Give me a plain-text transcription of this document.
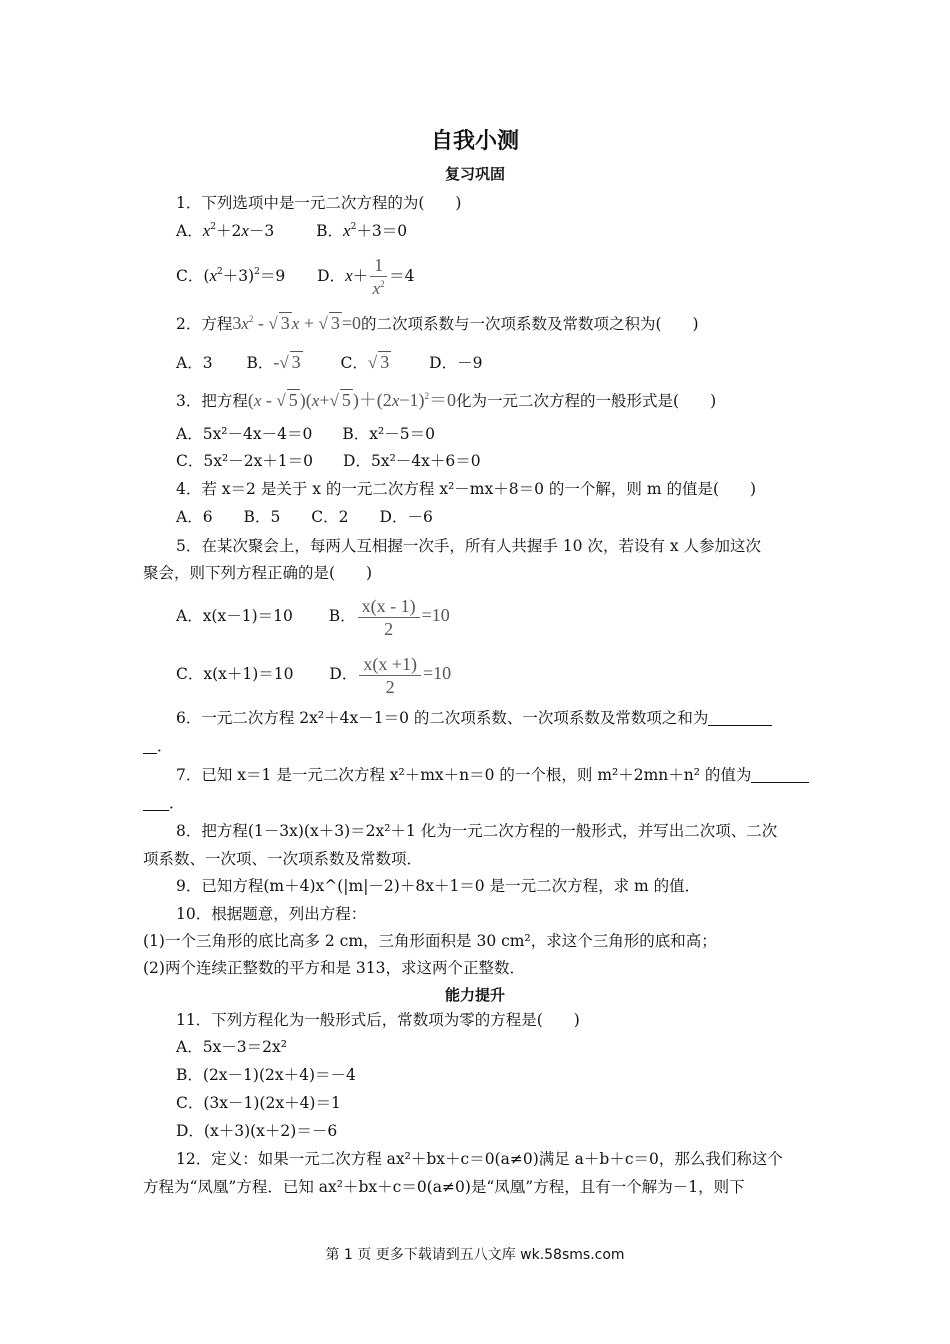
自我小测
复习巩固
1．下列选项中是一元二次方程的为(　　)
A．$x^2+2x-3$	B．$x^2+3=0$
C．$(x^2+3)^2=9$ D．$x+ \frac{1}{x^2} =4$
2．方程$3x^2$ - √ 3 x + √ 3 =0的二次项系数与一次项系数及常数项之积为(　　)
A．3 B．-√ 3	C．√ 3	D．－9
3．把方程(x - √ 5 )(x+√ 5 )$+(2x-1)^2=0$化为一元二次方程的一般形式是(　　)
A．5x²－4x－4＝0 B．x²－5＝0
C．5x²－2x＋1＝0 D．5x²－4x＋6＝0
4．若 x＝2 是关于 x 的一元二次方程 x²－mx＋8＝0 的一个解，则 m 的值是(　　)
A．6　　B．5　　C．2　　D．－6
5．在某次聚会上，每两人互相握一次手，所有人共握手 10 次，若设有 x 人参加这次
聚会，则下列方程正确的是(　　)
A．x(x－1)＝10 B． $\frac{x(x - 1)}{2} =10$
C．x(x＋1)＝10 D． $\frac{x(x +1)}{2} =10$
6．一元二次方程 2x²＋4x－1＝0 的二次项系数、一次项系数及常数项之和为
．
7．已知 x＝1 是一元二次方程 x²＋mx＋n＝0 的一个根，则 m²＋2mn＋n² 的值为
．
8．把方程(1－3x)(x＋3)＝2x²＋1 化为一元二次方程的一般形式，并写出二次项、二次
项系数、一次项、一次项系数及常数项．
9．已知方程(m＋4)x^(|m|－2)＋8x＋1＝0 是一元二次方程，求 m 的值．
10．根据题意，列出方程：
(1)一个三角形的底比高多 2 cm，三角形面积是 30 cm²，求这个三角形的底和高；
(2)两个连续正整数的平方和是 313，求这两个正整数．
能力提升
11．下列方程化为一般形式后，常数项为零的方程是(　　)
A．5x－3＝2x²
B．(2x－1)(2x＋4)＝－4
C．(3x－1)(2x＋4)＝1
D．(x＋3)(x＋2)＝－6
12．定义：如果一元二次方程 ax²＋bx＋c＝0(a≠0)满足 a＋b＋c＝0，那么我们称这个
方程为“凤凰”方程．已知 ax²＋bx＋c＝0(a≠0)是“凤凰”方程，且有一个解为－1，则下
第 1 页 更多下载请到五八文库 wk.58sms.com
